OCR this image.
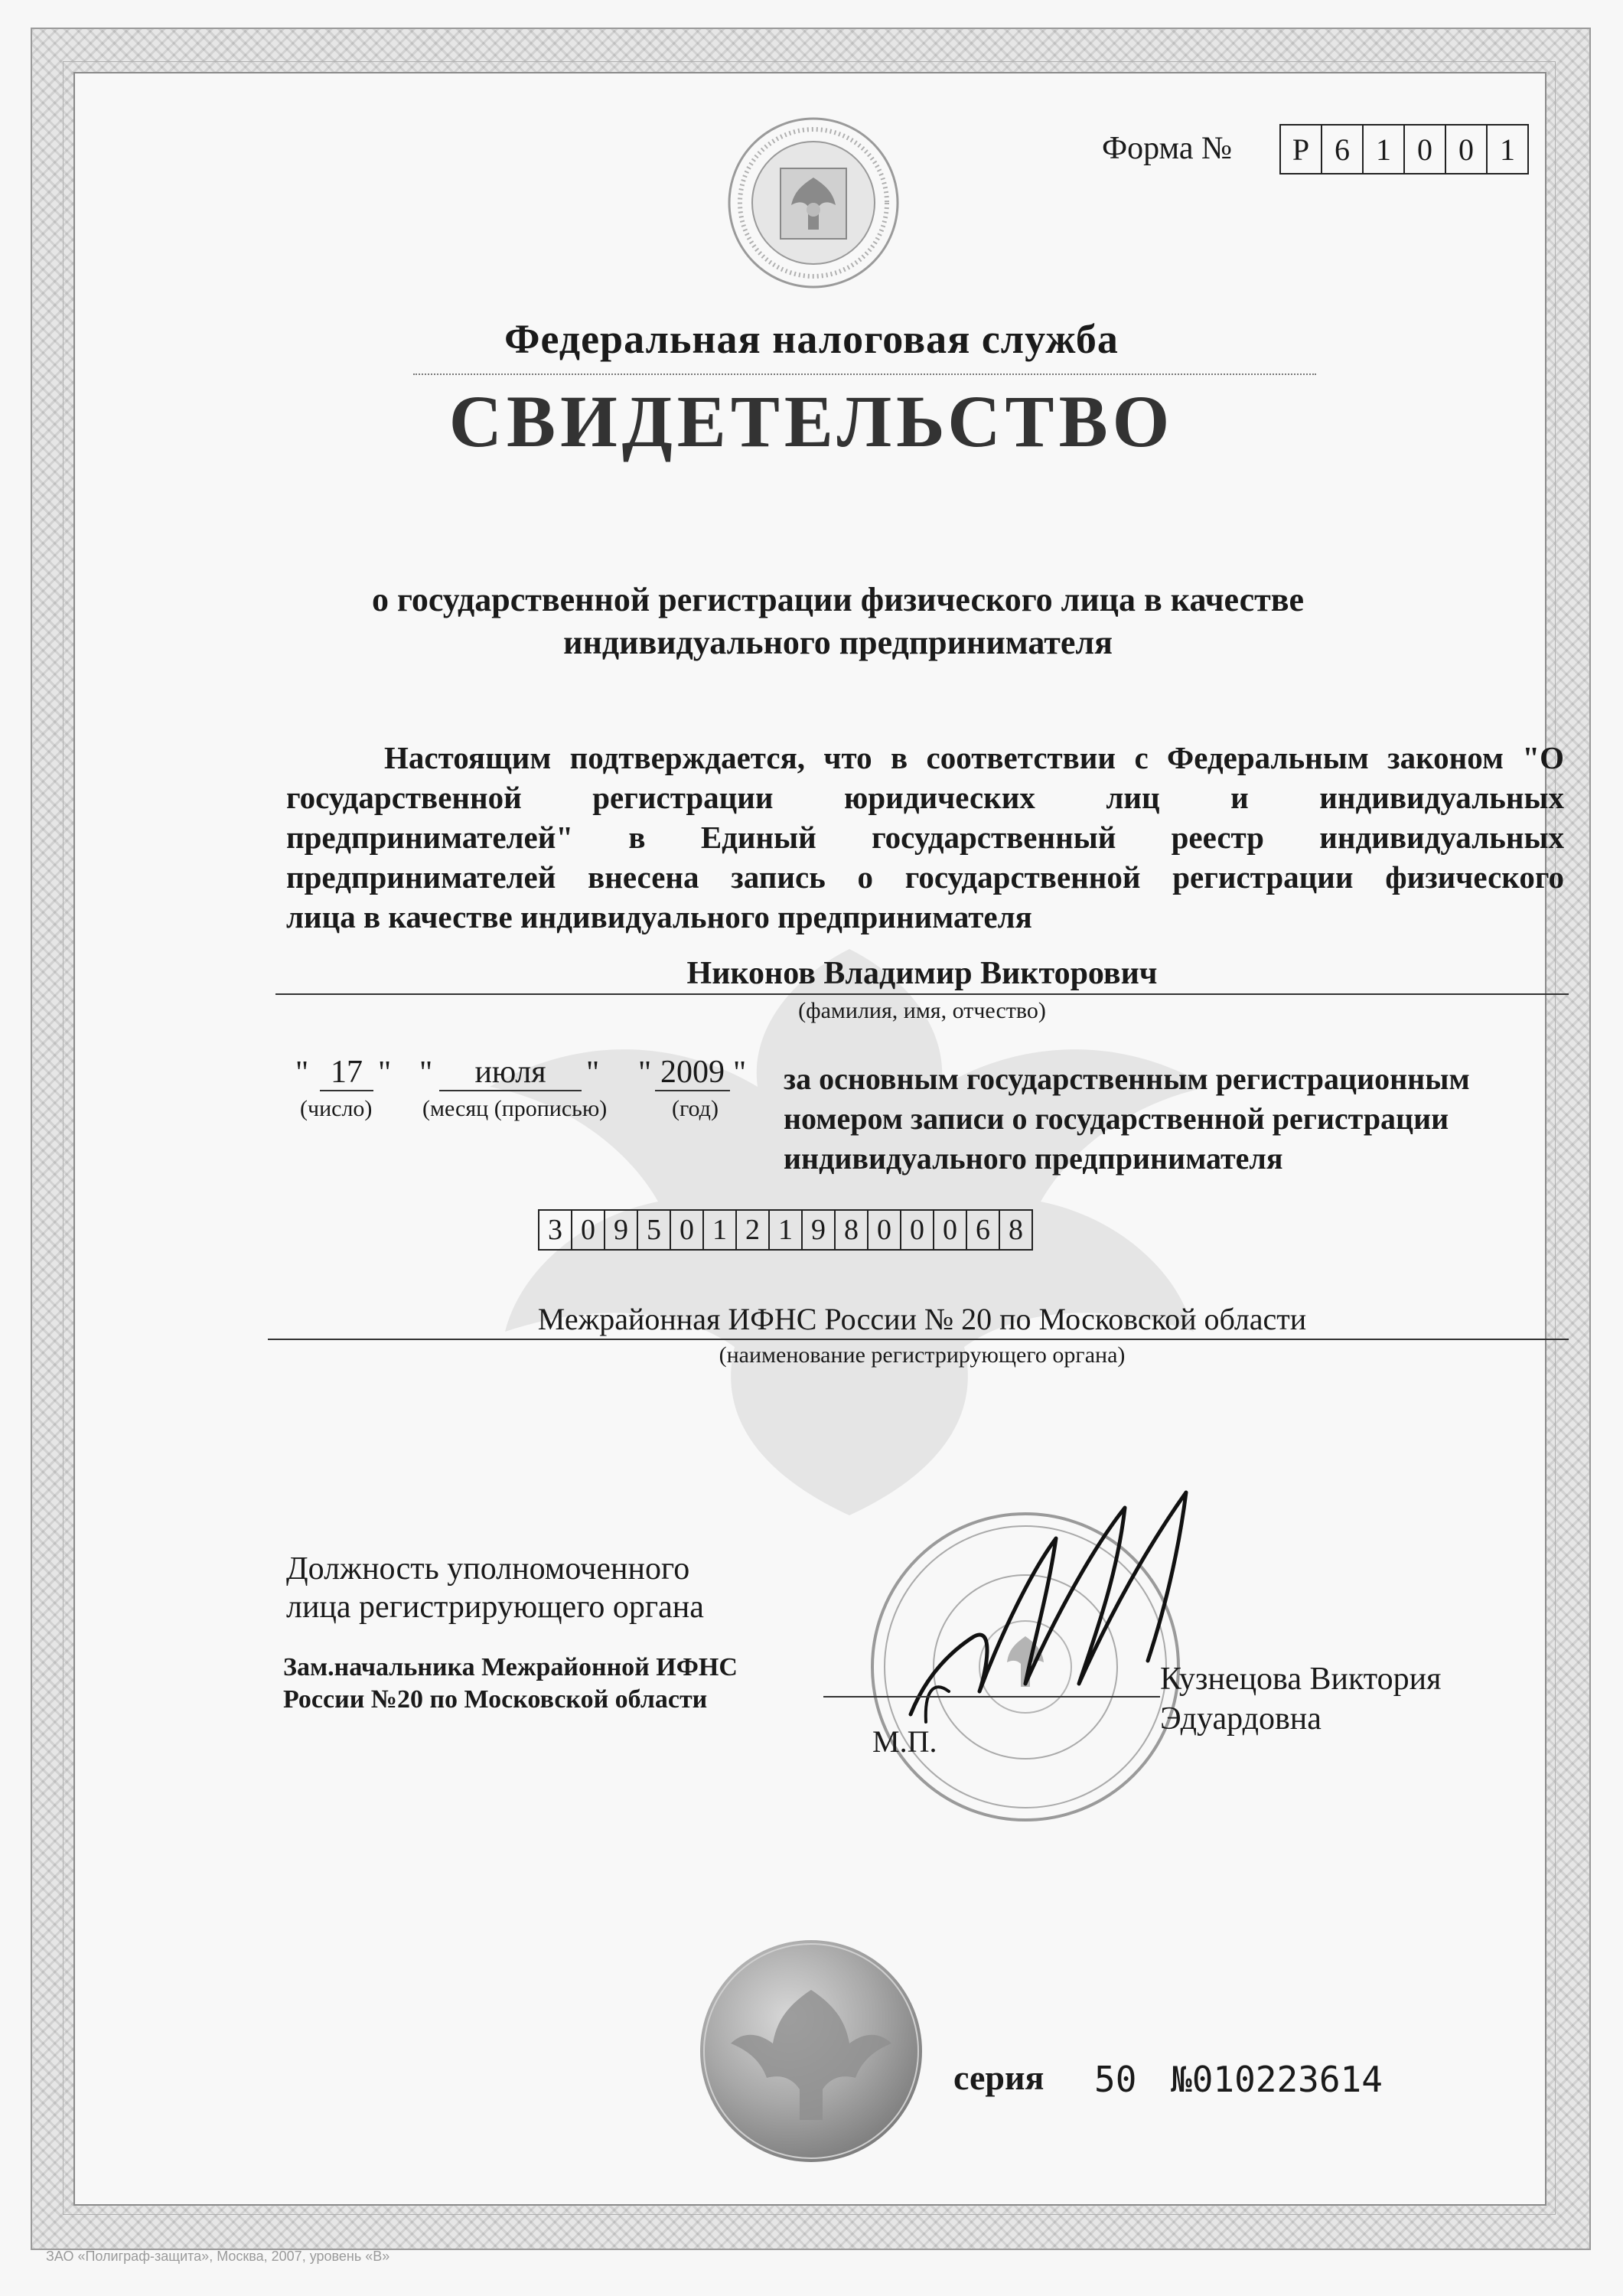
Форма №	Р 6 1 0 0 1
Федеральная налоговая служба
СВИДЕТЕЛЬСТВО
о государственной регистрации физического лица в качестве
индивидуального предпринимателя
Настоящим подтверждается, что в соответствии с Федеральным законом "О
государственной регистрации юридических лиц и индивидуальных
предпринимателей" в Единый государственный реестр индивидуальных
предпринимателей внесена запись о государственной регистрации физического
лица в качестве индивидуального предпринимателя
Никонов Владимир Викторович
(фамилия, имя, отчество)
" 17 "
(число)
"	июля	"
(месяц (прописью)
" 2009 "
(год)
за основным государственным регистрационным
номером записи о государственной регистрации
индивидуального предпринимателя
3 0 9 5 0 1 2 1 9 8 0 0 0 6 8
Межрайонная ИФНС России № 20 по Московской области
(наименование регистрирующего органа)
Должность уполномоченного
лица регистрирующего органа
Зам.начальника Межрайонной ИФНС
России №20 по Московской области
М.П.
Кузнецова Виктория
Эдуардовна
серия 50 №010223614
ЗАО «Полиграф-защита», Москва, 2007, уровень «В»
